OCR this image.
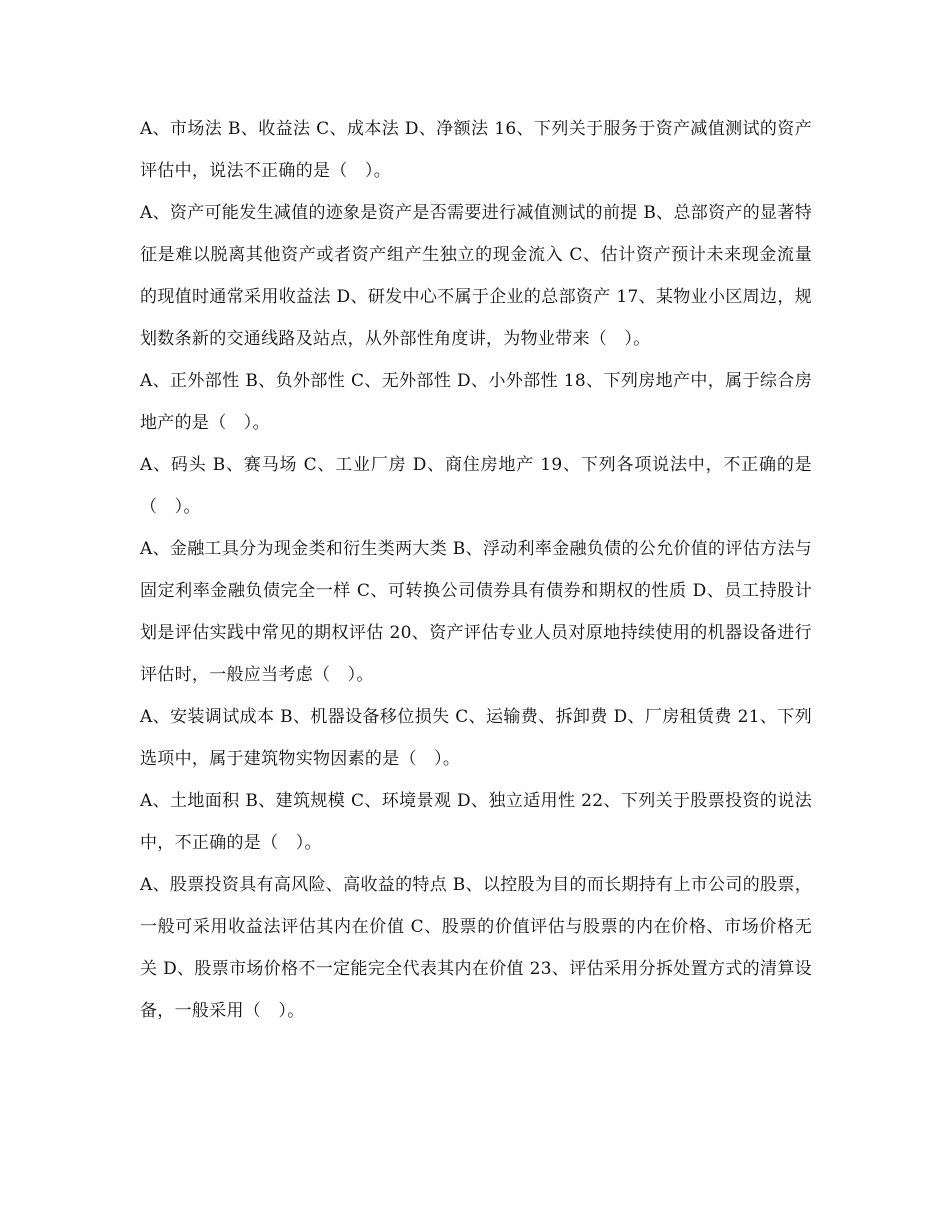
A、市场法 B、收益法 C、成本法 D、净额法 16、下列关于服务于资产减值测试的资产评估中，说法不正确的是（　）。

A、资产可能发生减值的迹象是资产是否需要进行减值测试的前提 B、总部资产的显著特征是难以脱离其他资产或者资产组产生独立的现金流入 C、估计资产预计未来现金流量的现值时通常采用收益法 D、研发中心不属于企业的总部资产 17、某物业小区周边，规划数条新的交通线路及站点，从外部性角度讲，为物业带来（　）。

A、正外部性 B、负外部性 C、无外部性 D、小外部性 18、下列房地产中，属于综合房地产的是（　）。

A、码头 B、赛马场 C、工业厂房 D、商住房地产 19、下列各项说法中，不正确的是（　）。

A、金融工具分为现金类和衍生类两大类 B、浮动利率金融负债的公允价值的评估方法与固定利率金融负债完全一样 C、可转换公司债券具有债券和期权的性质 D、员工持股计划是评估实践中常见的期权评估 20、资产评估专业人员对原地持续使用的机器设备进行评估时，一般应当考虑（　）。

A、安装调试成本 B、机器设备移位损失 C、运输费、拆卸费 D、厂房租赁费 21、下列选项中，属于建筑物实物因素的是（　）。

A、土地面积 B、建筑规模 C、环境景观 D、独立适用性 22、下列关于股票投资的说法中，不正确的是（　）。

A、股票投资具有高风险、高收益的特点 B、以控股为目的而长期持有上市公司的股票，一般可采用收益法评估其内在价值 C、股票的价值评估与股票的内在价格、市场价格无关 D、股票市场价格不一定能完全代表其内在价值 23、评估采用分拆处置方式的清算设备，一般采用（　）。
